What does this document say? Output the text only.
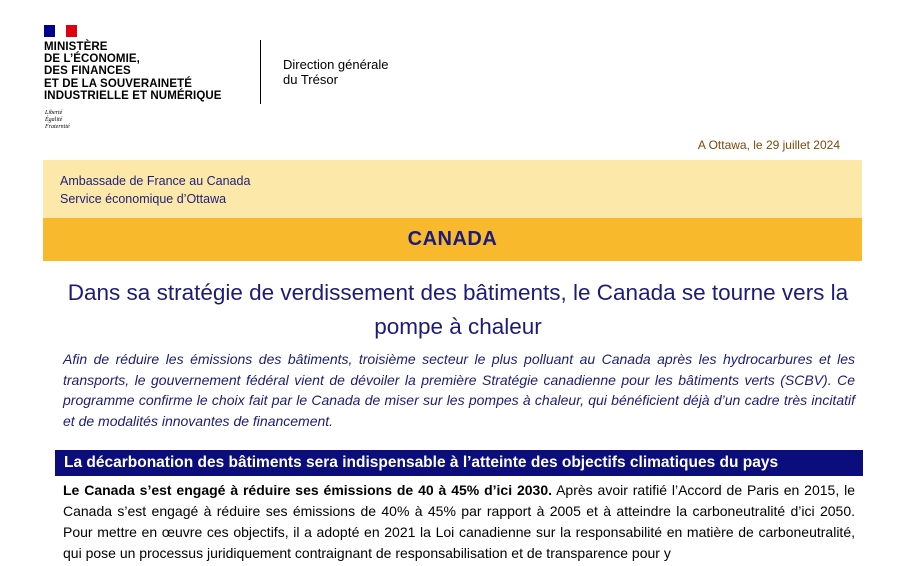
MINISTÈRE
DE L’ÉCONOMIE,
DES FINANCES
ET DE LA SOUVERAINETÉ
INDUSTRIELLE ET NUMÉRIQUE
Liberté
Égalité
Fraternité
Direction générale
du Trésor
A Ottawa, le 29 juillet 2024
Ambassade de France au Canada
Service économique d’Ottawa
CANADA
Dans sa stratégie de verdissement des bâtiments, le Canada se tourne vers la pompe à chaleur
Afin de réduire les émissions des bâtiments, troisième secteur le plus polluant au Canada après les hydrocarbures et les transports, le gouvernement fédéral vient de dévoiler la première Stratégie canadienne pour les bâtiments verts (SCBV). Ce programme confirme le choix fait par le Canada de miser sur les pompes à chaleur, qui bénéficient déjà d’un cadre très incitatif et de modalités innovantes de financement.
La décarbonation des bâtiments sera indispensable à l’atteinte des objectifs climatiques du pays
Le Canada s’est engagé à réduire ses émissions de 40 à 45% d’ici 2030. Après avoir ratifié l’Accord de Paris en 2015, le Canada s’est engagé à réduire ses émissions de 40% à 45% par rapport à 2005 et à atteindre la carboneutralité d’ici 2050. Pour mettre en œuvre ces objectifs, il a adopté en 2021 la Loi canadienne sur la responsabilité en matière de carboneutralité, qui pose un processus juridiquement contraignant de responsabilisation et de transparence pour y
